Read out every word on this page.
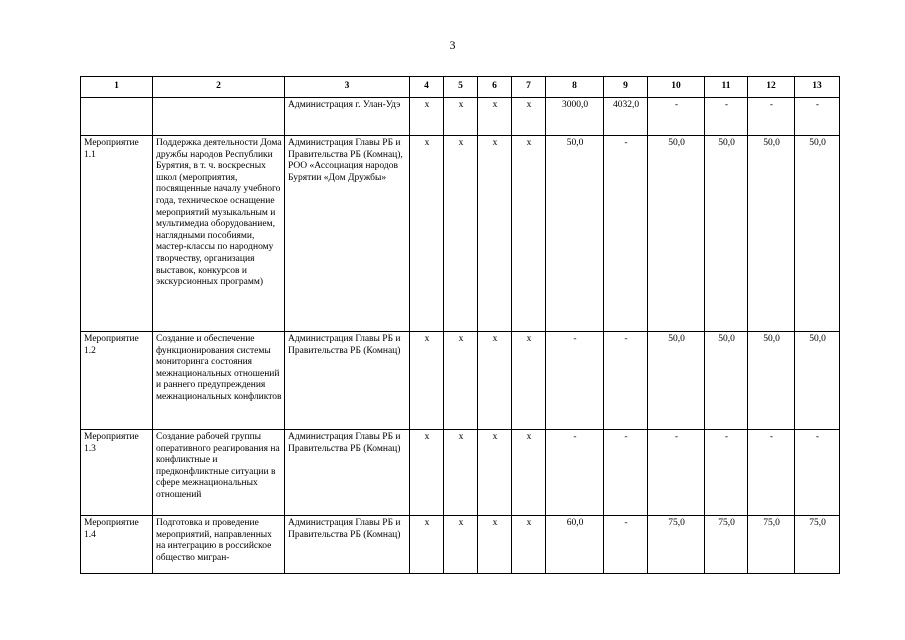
3
1	2	3	4	5	6	7	8	9	10	11	12	13
		Администрация г. Улан-Удэ	х	х	х	х	3000,0	4032,0	-	-	-	-
Мероприятие 1.1	Поддержка деятельности Дома дружбы народов Республики Бурятия, в т. ч. воскресных школ (мероприятия, посвященные началу учебного года, техническое оснащение мероприятий музыкальным и мультимедиа оборудованием, наглядными пособиями, мастер-классы по народному творчеству, организация выставок, конкурсов и экскурсионных программ)	Администрация Главы РБ и Правительства РБ (Комнац), РОО «Ассоциация народов Бурятии «Дом Дружбы»	х	х	х	х	50,0	-	50,0	50,0	50,0	50,0
Мероприятие 1.2	Создание и обеспечение функционирования системы мониторинга состояния межнациональных отношений и раннего предупреждения межнациональных конфликтов	Администрация Главы РБ и Правительства РБ (Комнац)	х	х	х	х	-	-	50,0	50,0	50,0	50,0
Мероприятие 1.3	Создание рабочей группы оперативного реагирования на конфликтные и предконфликтные ситуации в сфере межнациональных отношений	Администрация Главы РБ и Правительства РБ (Комнац)	х	х	х	х	-	-	-	-	-	-
Мероприятие 1.4	Подготовка и проведение мероприятий, направленных на интеграцию в российское общество мигран-	Администрация Главы РБ и Правительства РБ (Комнац)	х	х	х	х	60,0	-	75,0	75,0	75,0	75,0
